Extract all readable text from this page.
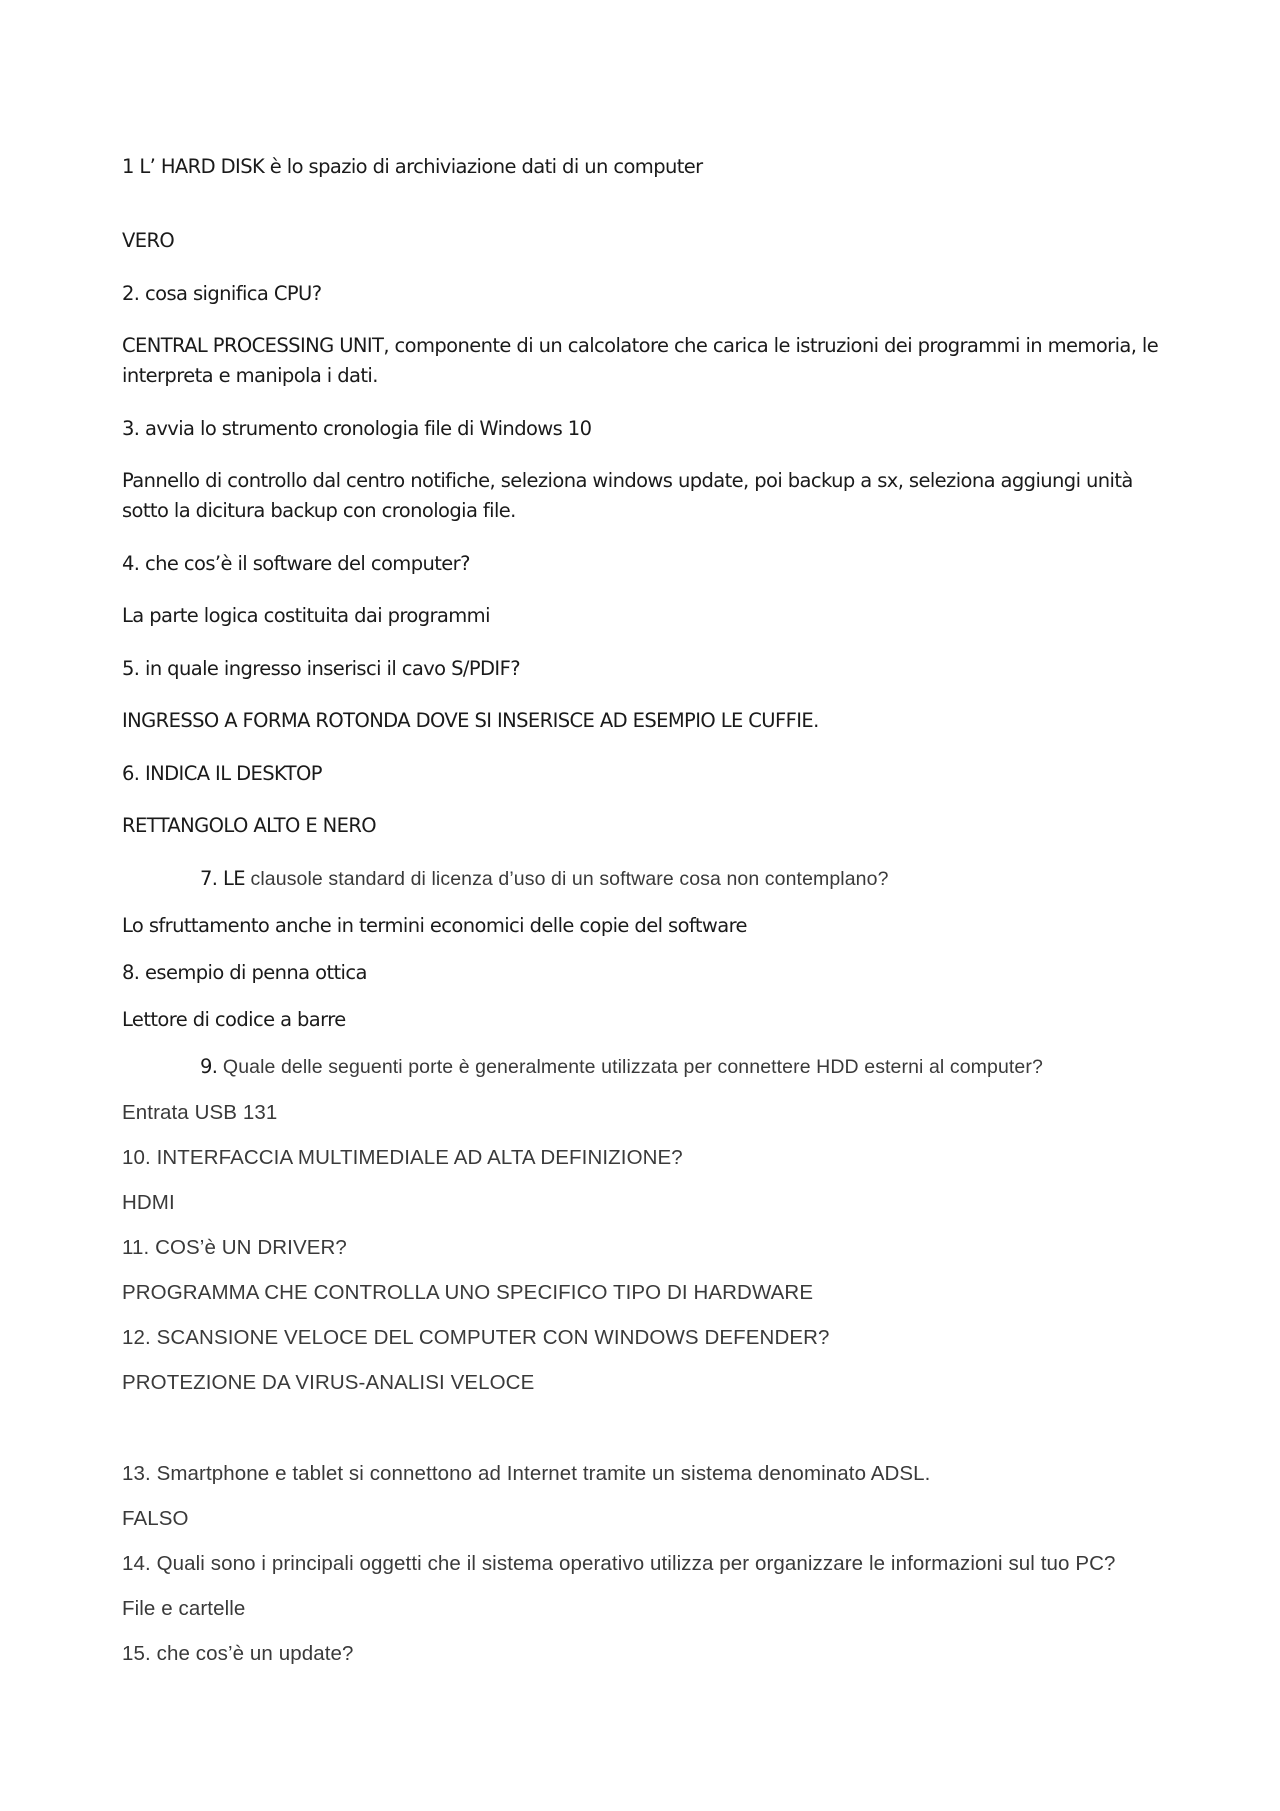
1 L’ HARD DISK è lo spazio di archiviazione dati di un computer

VERO

2. cosa significa CPU?

CENTRAL PROCESSING UNIT, componente di un calcolatore che carica le istruzioni dei programmi in memoria, le interpreta e manipola i dati.

3. avvia lo strumento cronologia file di Windows 10

Pannello di controllo dal centro notifiche, seleziona windows update, poi backup a sx, seleziona aggiungi unità sotto la dicitura backup con cronologia file.

4. che cos’è il software del computer?

La parte logica costituita dai programmi

5. in quale ingresso inserisci il cavo S/PDIF?

INGRESSO A FORMA ROTONDA DOVE SI INSERISCE AD ESEMPIO LE CUFFIE.

6. INDICA IL DESKTOP

RETTANGOLO ALTO E NERO

7. LE clausole standard di licenza d’uso di un software cosa non contemplano?

Lo sfruttamento anche in termini economici delle copie del software

8. esempio di penna ottica

Lettore di codice a barre

9. Quale delle seguenti porte è generalmente utilizzata per connettere HDD esterni al computer?

Entrata USB 131

10. INTERFACCIA MULTIMEDIALE AD ALTA DEFINIZIONE?

HDMI

11. COS’è UN DRIVER?

PROGRAMMA CHE CONTROLLA UNO SPECIFICO TIPO DI HARDWARE

12. SCANSIONE VELOCE DEL COMPUTER CON WINDOWS DEFENDER?

PROTEZIONE DA VIRUS-ANALISI VELOCE

13. Smartphone e tablet si connettono ad Internet tramite un sistema denominato ADSL.

FALSO

14. Quali sono i principali oggetti che il sistema operativo utilizza per organizzare le informazioni sul tuo PC?

File e cartelle

15. che cos’è un update?
